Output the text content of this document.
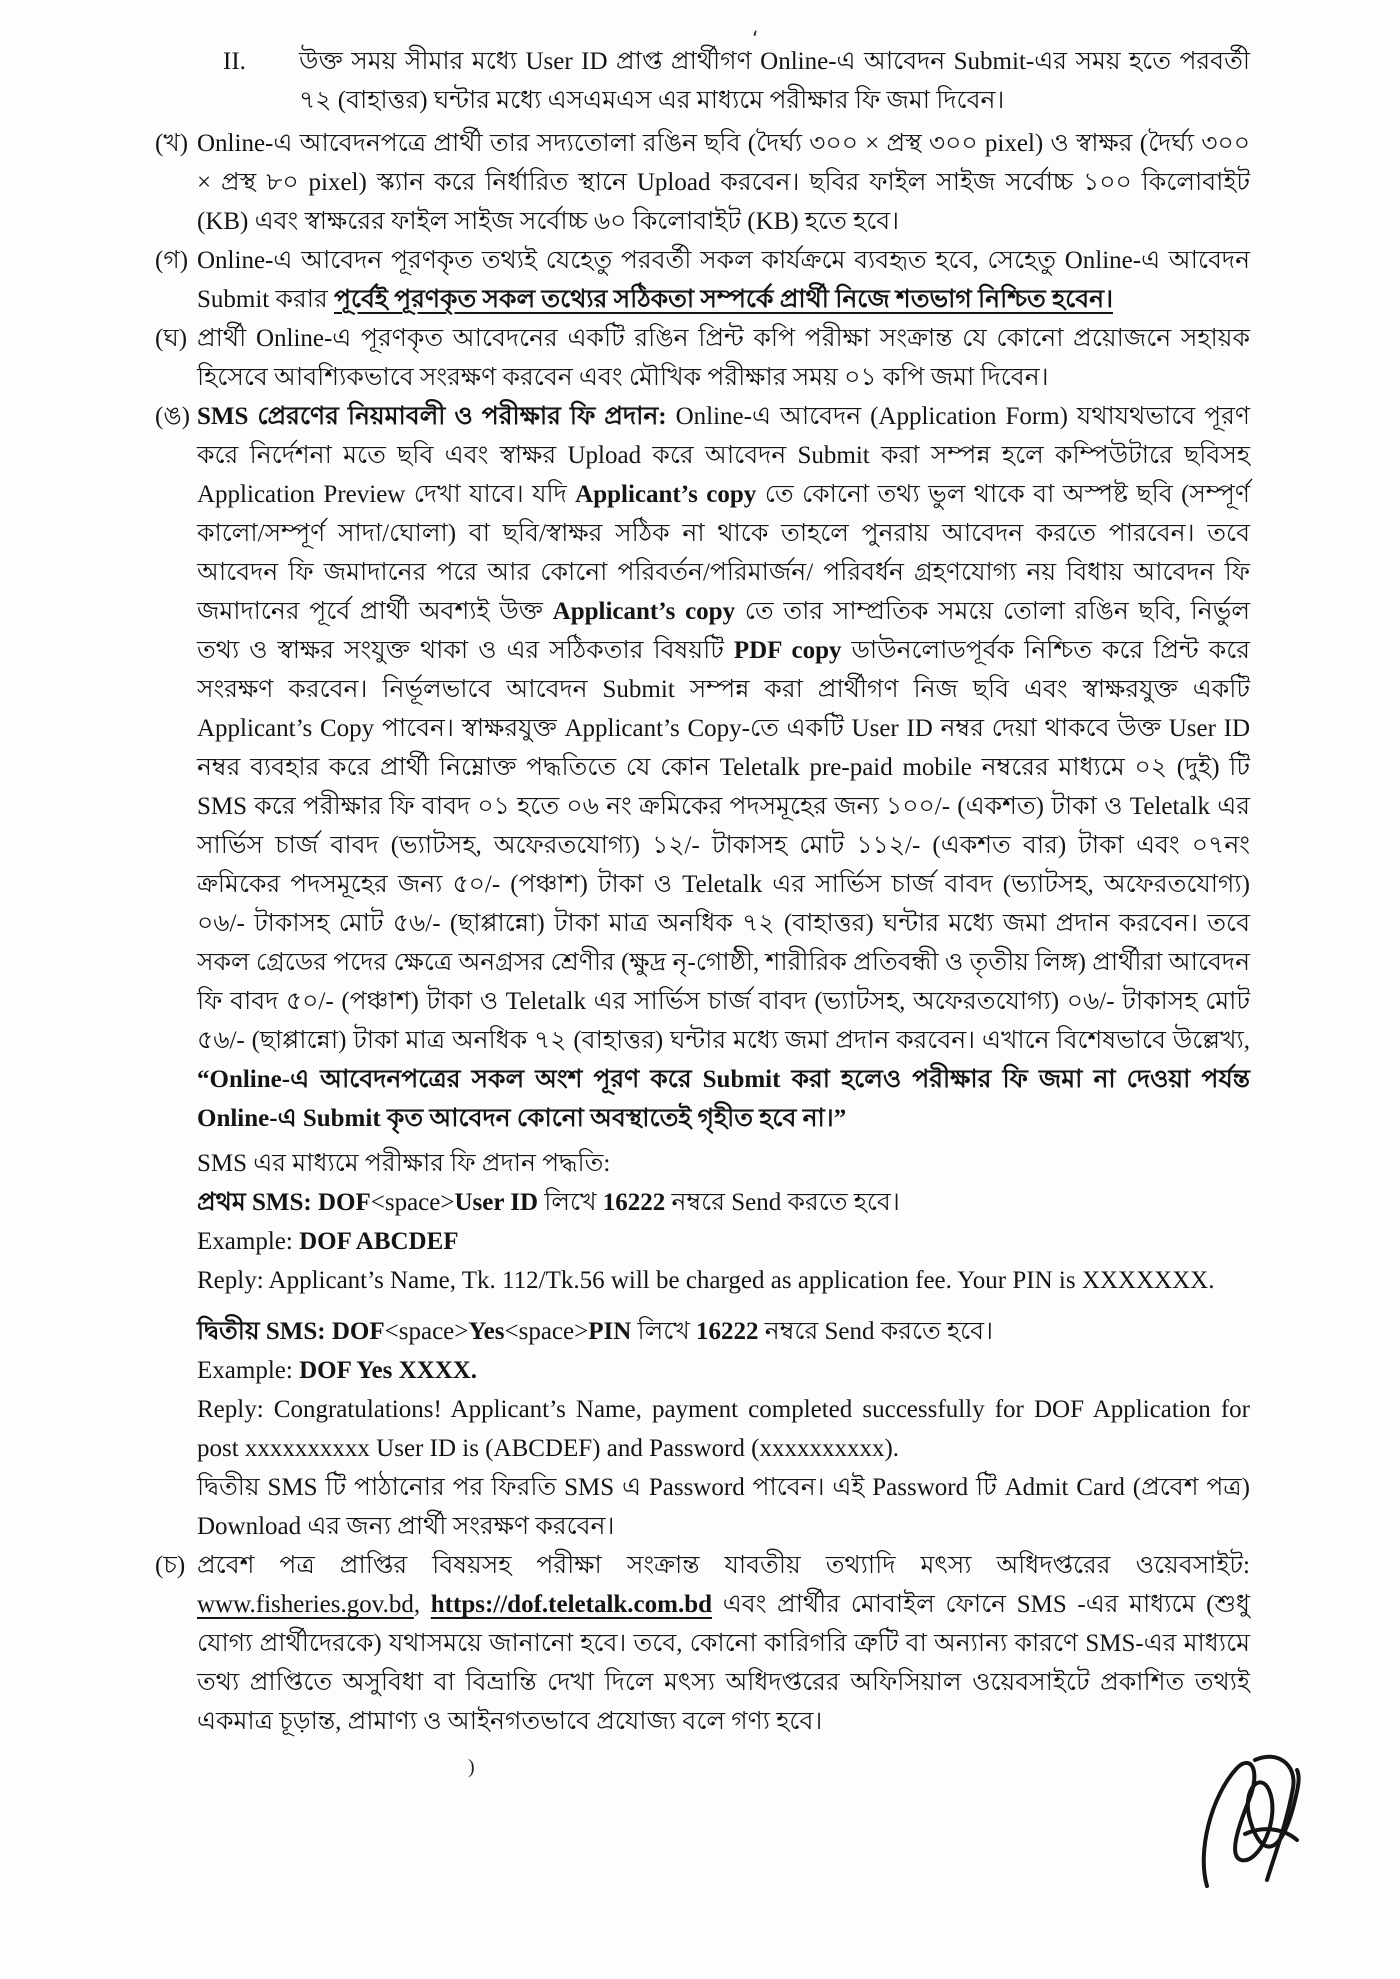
II. উক্ত সময় সীমার মধ্যে User ID প্রাপ্ত প্রার্থীগণ Online-এ আবেদন Submit-এর সময় হতে পরবর্তী ৭২ (বাহাত্তর) ঘন্টার মধ্যে এসএমএস এর মাধ্যমে পরীক্ষার ফি জমা দিবেন।
(খ) Online-এ আবেদনপত্রে প্রার্থী তার সদ্যতোলা রঙিন ছবি (দৈর্ঘ্য ৩০০ × প্রস্থ ৩০০ pixel) ও স্বাক্ষর (দৈর্ঘ্য ৩০০ × প্রস্থ ৮০ pixel) স্ক্যান করে নির্ধারিত স্থানে Upload করবেন। ছবির ফাইল সাইজ সর্বোচ্চ ১০০ কিলোবাইট (KB) এবং স্বাক্ষরের ফাইল সাইজ সর্বোচ্চ ৬০ কিলোবাইট (KB) হতে হবে।
(গ) Online-এ আবেদন পূরণকৃত তথ্যই যেহেতু পরবর্তী সকল কার্যক্রমে ব্যবহৃত হবে, সেহেতু Online-এ আবেদন Submit করার পূর্বেই পূরণকৃত সকল তথ্যের সঠিকতা সম্পর্কে প্রার্থী নিজে শতভাগ নিশ্চিত হবেন।
(ঘ) প্রার্থী Online-এ পূরণকৃত আবেদনের একটি রঙিন প্রিন্ট কপি পরীক্ষা সংক্রান্ত যে কোনো প্রয়োজনে সহায়ক হিসেবে আবশ্যিকভাবে সংরক্ষণ করবেন এবং মৌখিক পরীক্ষার সময় ০১ কপি জমা দিবেন।
(ঙ) SMS প্রেরণের নিয়মাবলী ও পরীক্ষার ফি প্রদান: Online-এ আবেদন (Application Form) যথাযথভাবে পূরণ করে নির্দেশনা মতে ছবি এবং স্বাক্ষর Upload করে আবেদন Submit করা সম্পন্ন হলে কম্পিউটারে ছবিসহ Application Preview দেখা যাবে। যদি Applicant’s copy তে কোনো তথ্য ভুল থাকে বা অস্পষ্ট ছবি (সম্পূর্ণ কালো/সম্পূর্ণ সাদা/ঘোলা) বা ছবি/স্বাক্ষর সঠিক না থাকে তাহলে পুনরায় আবেদন করতে পারবেন। তবে আবেদন ফি জমাদানের পরে আর কোনো পরিবর্তন/পরিমার্জন/ পরিবর্ধন গ্রহণযোগ্য নয় বিধায় আবেদন ফি জমাদানের পূর্বে প্রার্থী অবশ্যই উক্ত Applicant’s copy তে তার সাম্প্রতিক সময়ে তোলা রঙিন ছবি, নির্ভুল তথ্য ও স্বাক্ষর সংযুক্ত থাকা ও এর সঠিকতার বিষয়টি PDF copy ডাউনলোডপূর্বক নিশ্চিত করে প্রিন্ট করে সংরক্ষণ করবেন। নির্ভূলভাবে আবেদন Submit সম্পন্ন করা প্রার্থীগণ নিজ ছবি এবং স্বাক্ষরযুক্ত একটি Applicant’s Copy পাবেন। স্বাক্ষরযুক্ত Applicant’s Copy-তে একটি User ID নম্বর দেয়া থাকবে উক্ত User ID নম্বর ব্যবহার করে প্রার্থী নিম্নোক্ত পদ্ধতিতে যে কোন Teletalk pre-paid mobile নম্বরের মাধ্যমে ০২ (দুই) টি SMS করে পরীক্ষার ফি বাবদ ০১ হতে ০৬ নং ক্রমিকের পদসমূহের জন্য ১০০/- (একশত) টাকা ও Teletalk এর সার্ভিস চার্জ বাবদ (ভ্যাটসহ, অফেরতযোগ্য) ১২/- টাকাসহ মোট ১১২/- (একশত বার) টাকা এবং ০৭নং ক্রমিকের পদসমূহের জন্য ৫০/- (পঞ্চাশ) টাকা ও Teletalk এর সার্ভিস চার্জ বাবদ (ভ্যাটসহ, অফেরতযোগ্য) ০৬/- টাকাসহ মোট ৫৬/- (ছাপ্পান্নো) টাকা মাত্র অনধিক ৭২ (বাহাত্তর) ঘন্টার মধ্যে জমা প্রদান করবেন। তবে সকল গ্রেডের পদের ক্ষেত্রে অনগ্রসর শ্রেণীর (ক্ষুদ্র নৃ-গোষ্ঠী, শারীরিক প্রতিবন্ধী ও তৃতীয় লিঙ্গ) প্রার্থীরা আবেদন ফি বাবদ ৫০/- (পঞ্চাশ) টাকা ও Teletalk এর সার্ভিস চার্জ বাবদ (ভ্যাটসহ, অফেরতযোগ্য) ০৬/- টাকাসহ মোট ৫৬/- (ছাপ্পান্নো) টাকা মাত্র অনধিক ৭২ (বাহাত্তর) ঘন্টার মধ্যে জমা প্রদান করবেন। এখানে বিশেষভাবে উল্লেখ্য, “Online-এ আবেদনপত্রের সকল অংশ পূরণ করে Submit করা হলেও পরীক্ষার ফি জমা না দেওয়া পর্যন্ত Online-এ Submit কৃত আবেদন কোনো অবস্থাতেই গৃহীত হবে না।”
SMS এর মাধ্যমে পরীক্ষার ফি প্রদান পদ্ধতি:
প্রথম SMS: DOF<space>User ID লিখে 16222 নম্বরে Send করতে হবে।
Example: DOF ABCDEF
Reply: Applicant’s Name, Tk. 112/Tk.56 will be charged as application fee. Your PIN is XXXXXXX.
দ্বিতীয় SMS: DOF<space>Yes<space>PIN লিখে 16222 নম্বরে Send করতে হবে।
Example: DOF Yes XXXX.
Reply: Congratulations! Applicant’s Name, payment completed successfully for DOF Application for post xxxxxxxxxx User ID is (ABCDEF) and Password (xxxxxxxxxx).
দ্বিতীয় SMS টি পাঠানোর পর ফিরতি SMS এ Password পাবেন। এই Password টি Admit Card (প্রবেশ পত্র) Download এর জন্য প্রার্থী সংরক্ষণ করবেন।
(চ) প্রবেশ পত্র প্রাপ্তির বিষয়সহ পরীক্ষা সংক্রান্ত যাবতীয় তথ্যাদি মৎস্য অধিদপ্তরের ওয়েবসাইট: www.fisheries.gov.bd, https://dof.teletalk.com.bd এবং প্রার্থীর মোবাইল ফোনে SMS -এর মাধ্যমে (শুধু যোগ্য প্রার্থীদেরকে) যথাসময়ে জানানো হবে। তবে, কোনো কারিগরি ত্রুটি বা অন্যান্য কারণে SMS-এর মাধ্যমে তথ্য প্রাপ্তিতে অসুবিধা বা বিভ্রান্তি দেখা দিলে মৎস্য অধিদপ্তরের অফিসিয়াল ওয়েবসাইটে প্রকাশিত তথ্যই একমাত্র চূড়ান্ত, প্রামাণ্য ও আইনগতভাবে প্রযোজ্য বলে গণ্য হবে।
⸲
)
